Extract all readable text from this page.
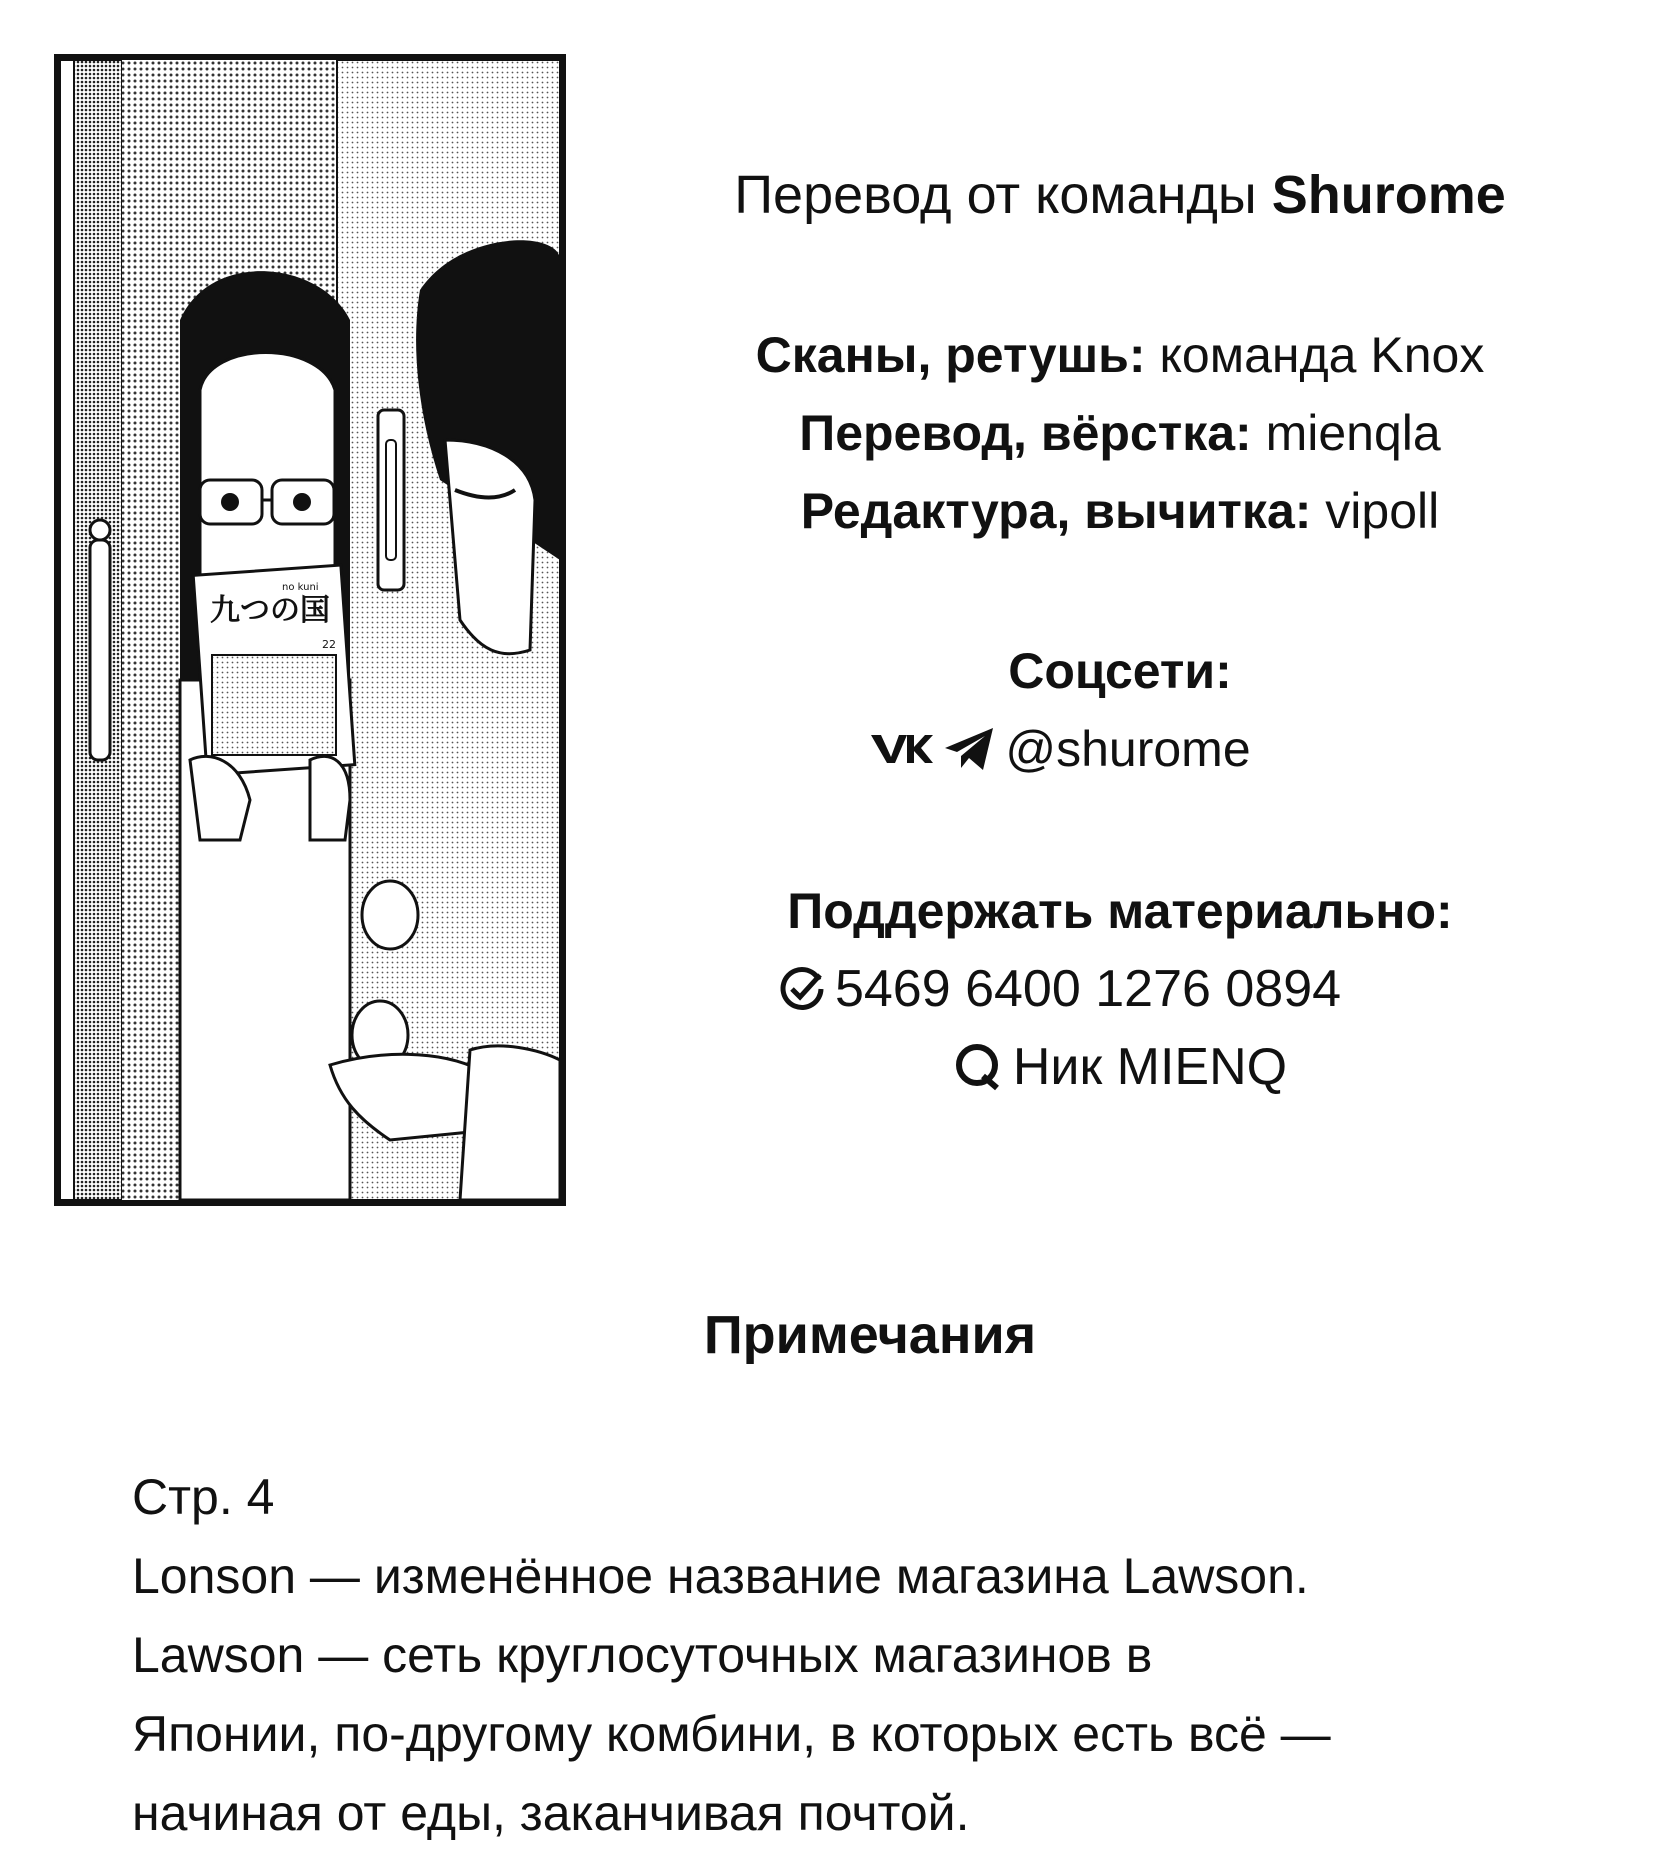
九つの国
no kuni
22
Перевод от команды Shurome
Сканы, ретушь: команда Knox
Перевод, вёрстка: mienqla
Редактура, вычитка: vipoll
Соцсети:
@shurome
Поддержать материально:
5469 6400 1276 0894
Ник MIENQ
Примечания

Стр. 4

Lonson — изменённое название магазина Lawson.

Lawson — сеть круглосуточных магазинов в

Японии, по-другому комбини, в которых есть всё —

начиная от еды, заканчивая почтой.
